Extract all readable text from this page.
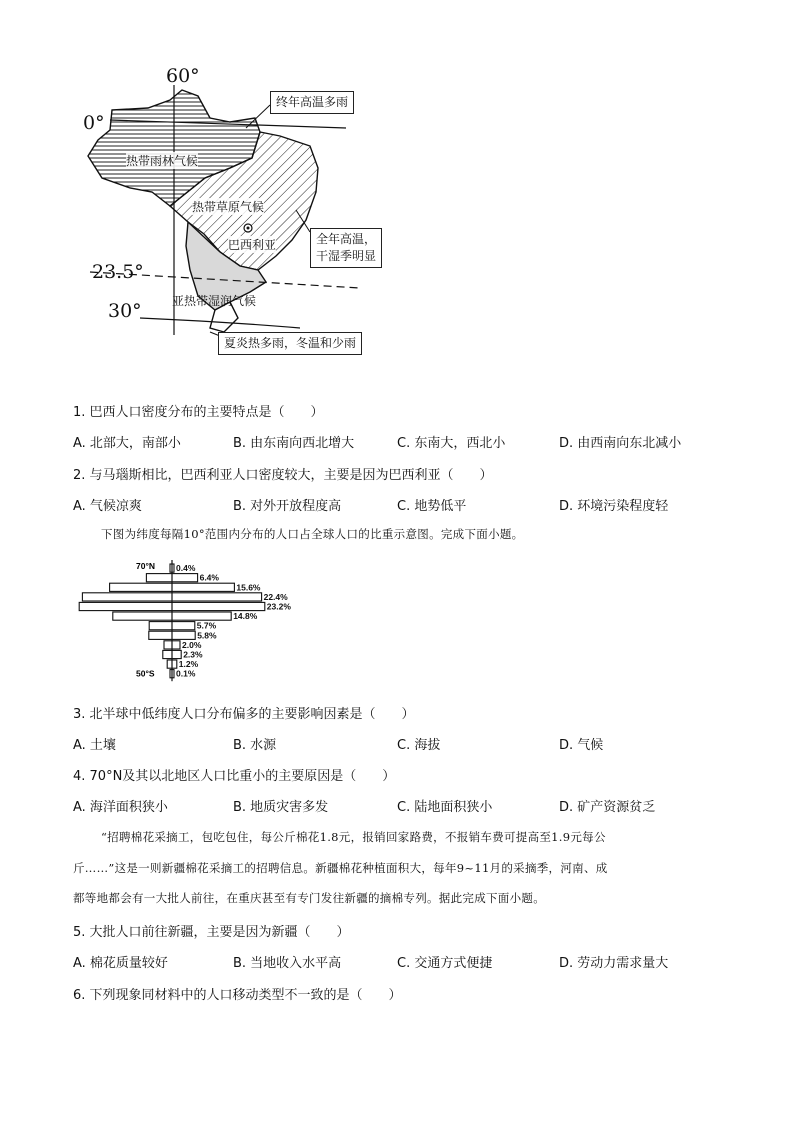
60°
0°
23.5°
30°
终年高温多雨
全年高温，
干湿季明显
夏炎热多雨，冬温和少雨
热带雨林气候
热带草原气候
巴西利亚
亚热带湿润气候
1. 巴西人口密度分布的主要特点是（　　）
A. 北部大，南部小	B. 由东南向西北增大	C. 东南大，西北小	D. 由西南向东北减小
2. 与马瑙斯相比，巴西利亚人口密度较大，主要是因为巴西利亚（　　）
A. 气候凉爽	B. 对外开放程度高	C. 地势低平	D. 环境污染程度轻
下图为纬度每隔10°范围内分布的人口占全球人口的比重示意图。完成下面小题。
0.4%
6.4%
15.6%
22.4%
23.2%
14.8%
5.7%
5.8%
2.0%
2.3%
1.2%
0.1%
70°N
50°S
3. 北半球中低纬度人口分布偏多的主要影响因素是（　　）
A. 土壤	B. 水源	C. 海拔	D. 气候
4. 70°N及其以北地区人口比重小的主要原因是（　　）
A. 海洋面积狭小	B. 地质灾害多发	C. 陆地面积狭小	D. 矿产资源贫乏
“招聘棉花采摘工，包吃包住，每公斤棉花1.8元，报销回家路费，不报销车费可提高至1.9元每公
斤……”这是一则新疆棉花采摘工的招聘信息。新疆棉花种植面积大，每年9~11月的采摘季，河南、成
都等地都会有一大批人前往，在重庆甚至有专门发往新疆的摘棉专列。据此完成下面小题。
5. 大批人口前往新疆，主要是因为新疆（　　）
A. 棉花质量较好	B. 当地收入水平高	C. 交通方式便捷	D. 劳动力需求量大
6. 下列现象同材料中的人口移动类型不一致的是（　　）
